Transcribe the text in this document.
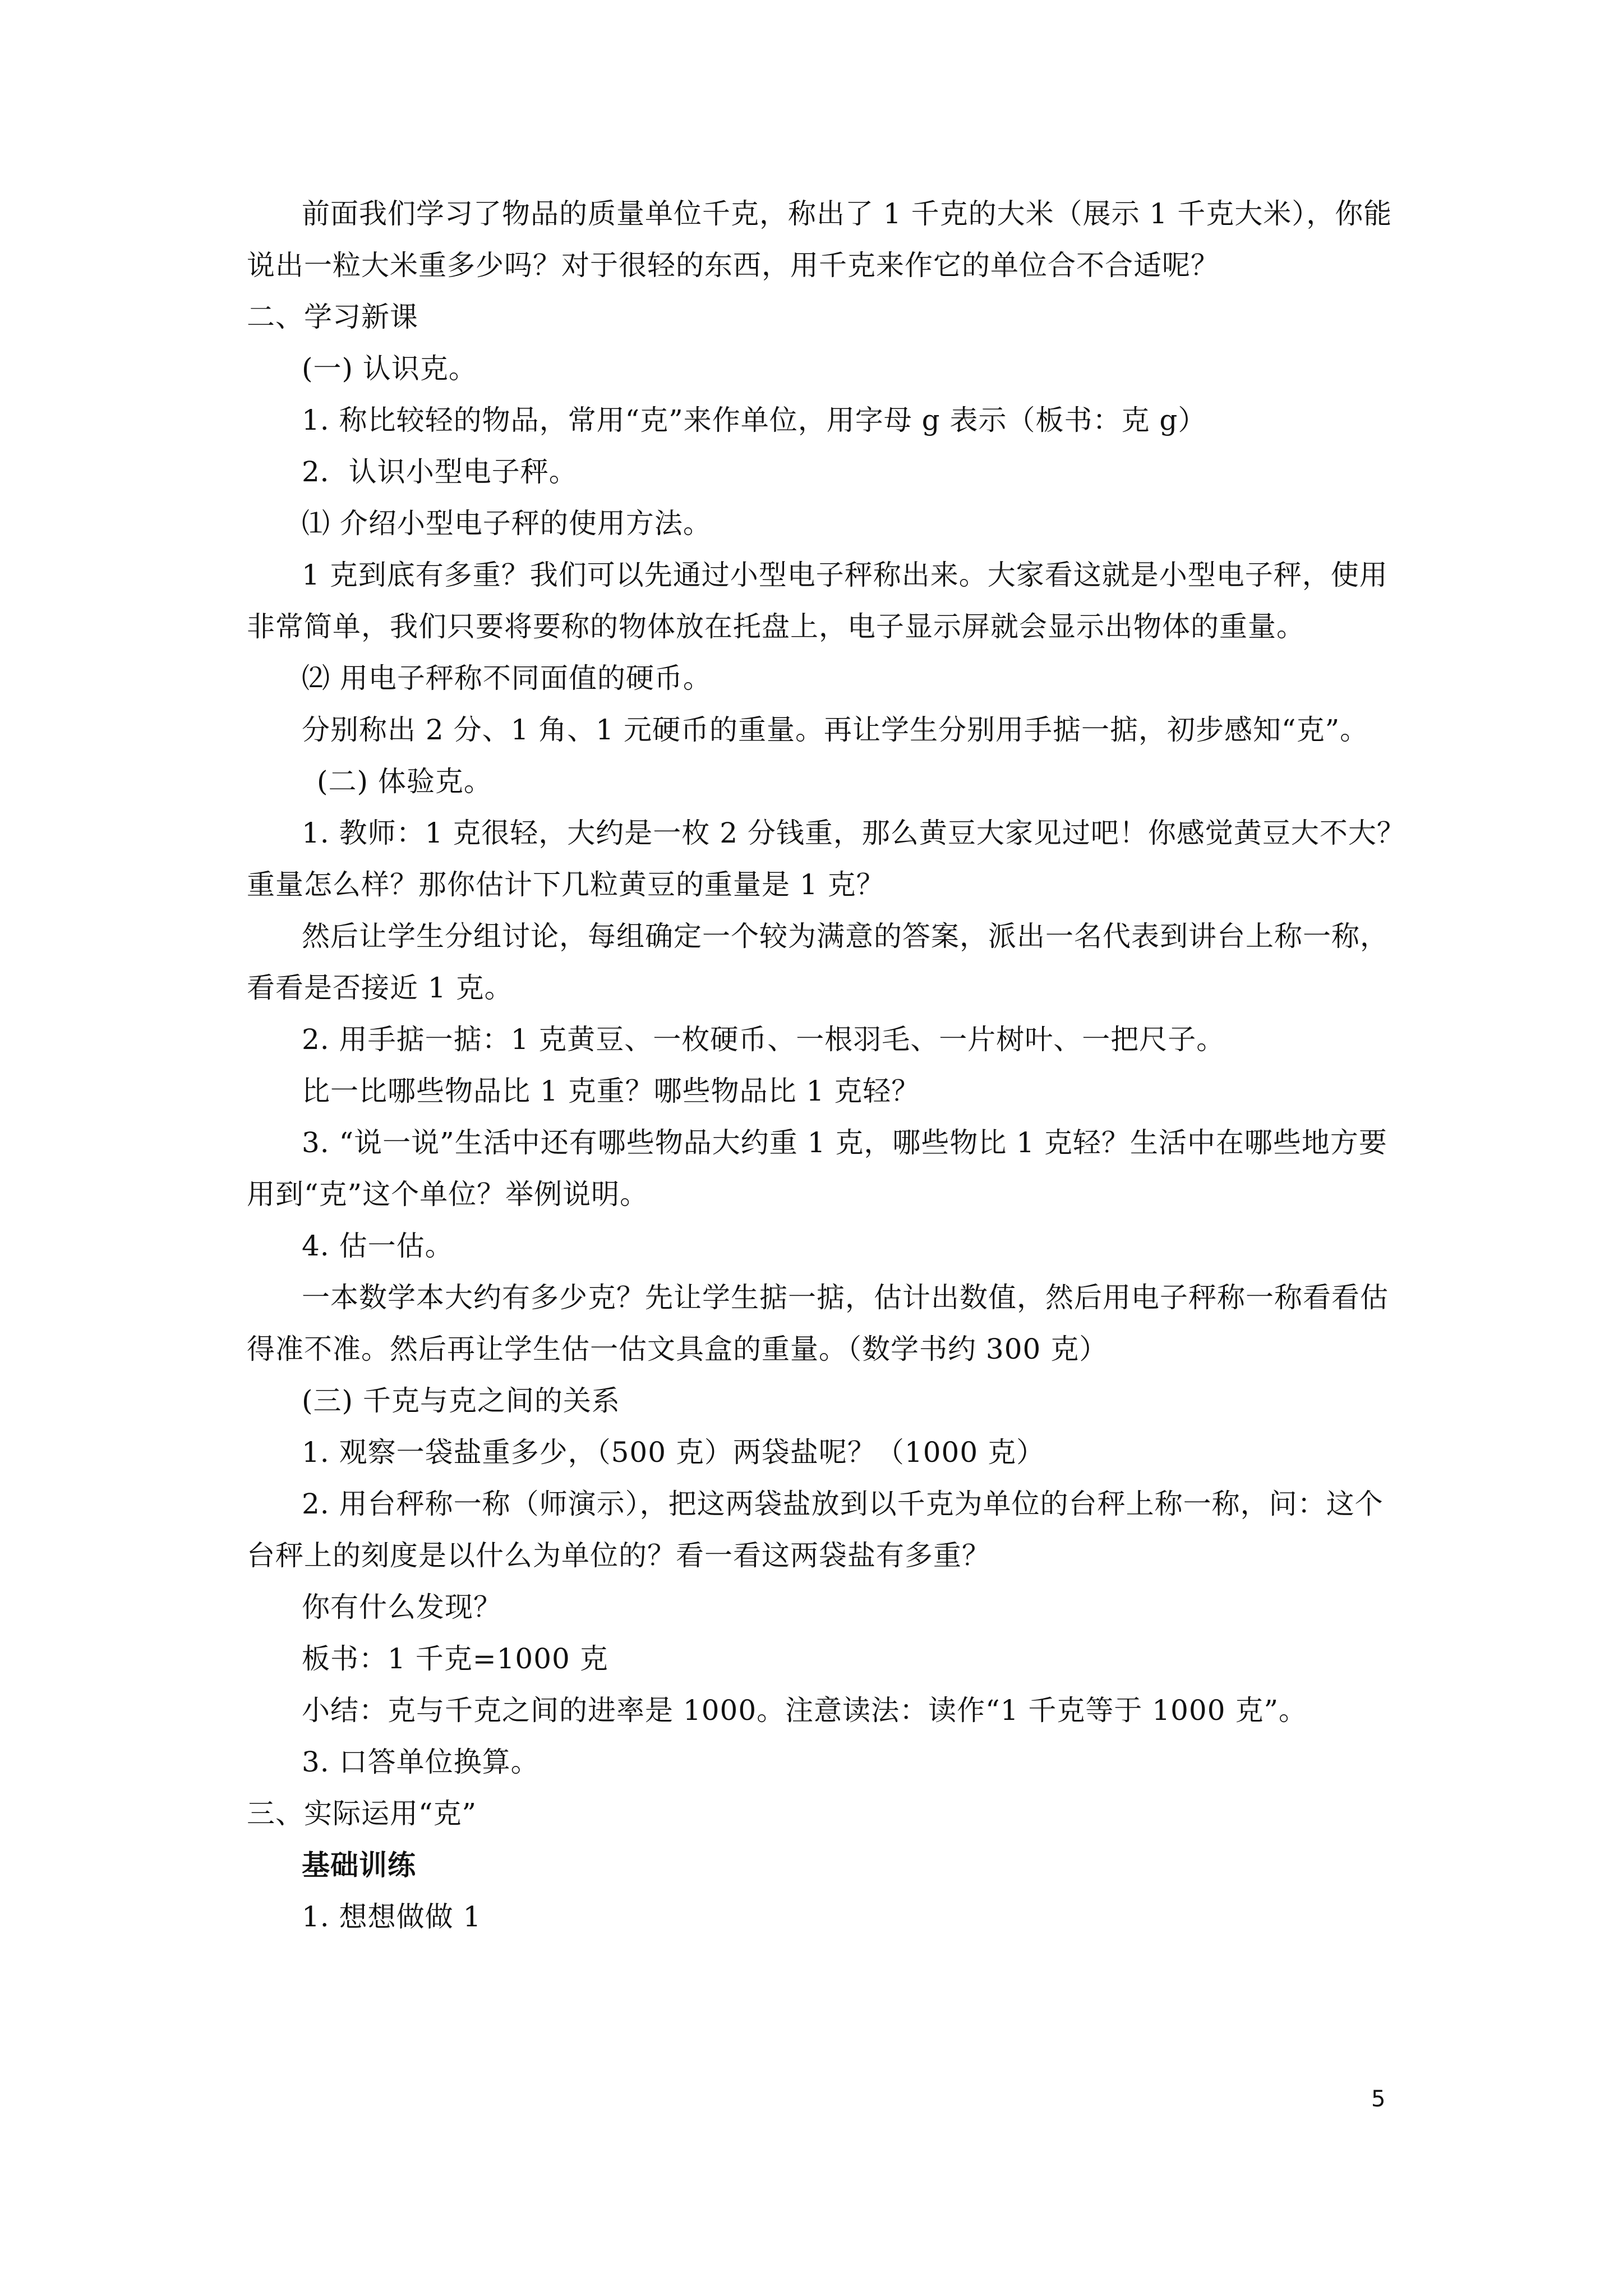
前面我们学习了物品的质量单位千克，称出了 1 千克的大米（展示 1 千克大米），你能
说出一粒大米重多少吗？对于很轻的东西，用千克来作它的单位合不合适呢？
二、学习新课
(一) 认识克。
1. 称比较轻的物品，常用“克”来作单位，用字母 g 表示（板书：克 g）
2．认识小型电子秤。
⑴ 介绍小型电子秤的使用方法。
1 克到底有多重？我们可以先通过小型电子秤称出来。大家看这就是小型电子秤，使用
非常简单，我们只要将要称的物体放在托盘上，电子显示屏就会显示出物体的重量。
⑵ 用电子秤称不同面值的硬币。
分别称出 2 分、1 角、1 元硬币的重量。再让学生分别用手掂一掂，初步感知“克”。
(二) 体验克。
1. 教师：1 克很轻，大约是一枚 2 分钱重，那么黄豆大家见过吧！你感觉黄豆大不大？
重量怎么样？那你估计下几粒黄豆的重量是 1 克？
然后让学生分组讨论，每组确定一个较为满意的答案，派出一名代表到讲台上称一称，
看看是否接近 1 克。
2. 用手掂一掂：1 克黄豆、一枚硬币、一根羽毛、一片树叶、一把尺子。
比一比哪些物品比 1 克重？哪些物品比 1 克轻？
3. “说一说”生活中还有哪些物品大约重 1 克，哪些物比 1 克轻？生活中在哪些地方要
用到“克”这个单位？举例说明。
4. 估一估。
一本数学本大约有多少克？先让学生掂一掂，估计出数值，然后用电子秤称一称看看估
得准不准。然后再让学生估一估文具盒的重量。（数学书约 300 克）
(三) 千克与克之间的关系
1. 观察一袋盐重多少，（500 克）两袋盐呢？（1000 克）
2. 用台秤称一称（师演示），把这两袋盐放到以千克为单位的台秤上称一称，问：这个
台秤上的刻度是以什么为单位的？看一看这两袋盐有多重？
你有什么发现？
板书：1 千克=1000 克
小结：克与千克之间的进率是 1000。注意读法：读作“1 千克等于 1000 克”。
3. 口答单位换算。
三、实际运用“克”
基础训练
1. 想想做做 1
5
